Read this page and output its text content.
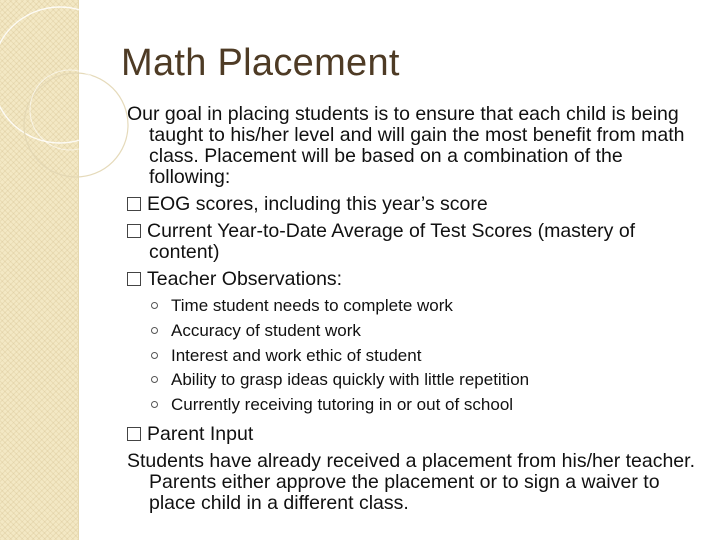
Math Placement

Our goal in placing students is to ensure that each child is being taught to his/her level and will gain the most benefit from math class. Placement will be based on a combination of the following:

EOG scores, including this year’s score

Current Year-to-Date Average of Test Scores (mastery of content)

Teacher Observations:

Time student needs to complete work
Accuracy of student work
Interest and work ethic of student
Ability to grasp ideas quickly with little repetition
Currently receiving tutoring in or out of school

Parent Input

Students have already received a placement from his/her teacher. Parents either approve the placement or to sign a waiver to place child in a different class.
